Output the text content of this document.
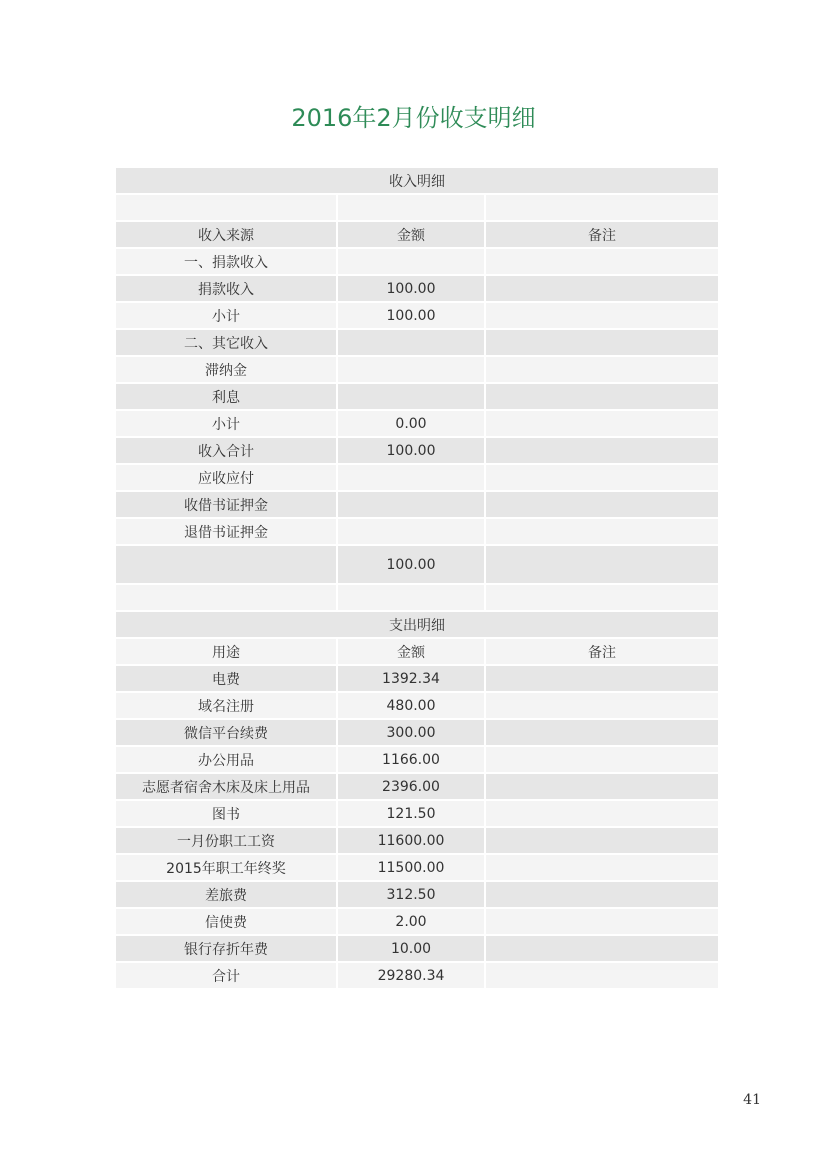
2016年2月份收支明细
收入明细		

收入来源	金额	备注
一、捐款收入		
捐款收入	100.00	
小计	100.00	
二、其它收入		
滞纳金		
利息		
小计	0.00	
收入合计	100.00	
应收应付		
收借书证押金		
退借书证押金		
	100.00	

支出明细		
用途	金额	备注
电费	1392.34	
域名注册	480.00	
微信平台续费	300.00	
办公用品	1166.00	
志愿者宿舍木床及床上用品	2396.00	
图书	121.50	
一月份职工工资	11600.00	
2015年职工年终奖	11500.00	
差旅费	312.50	
信使费	2.00	
银行存折年费	10.00	
合计	29280.34	
41
